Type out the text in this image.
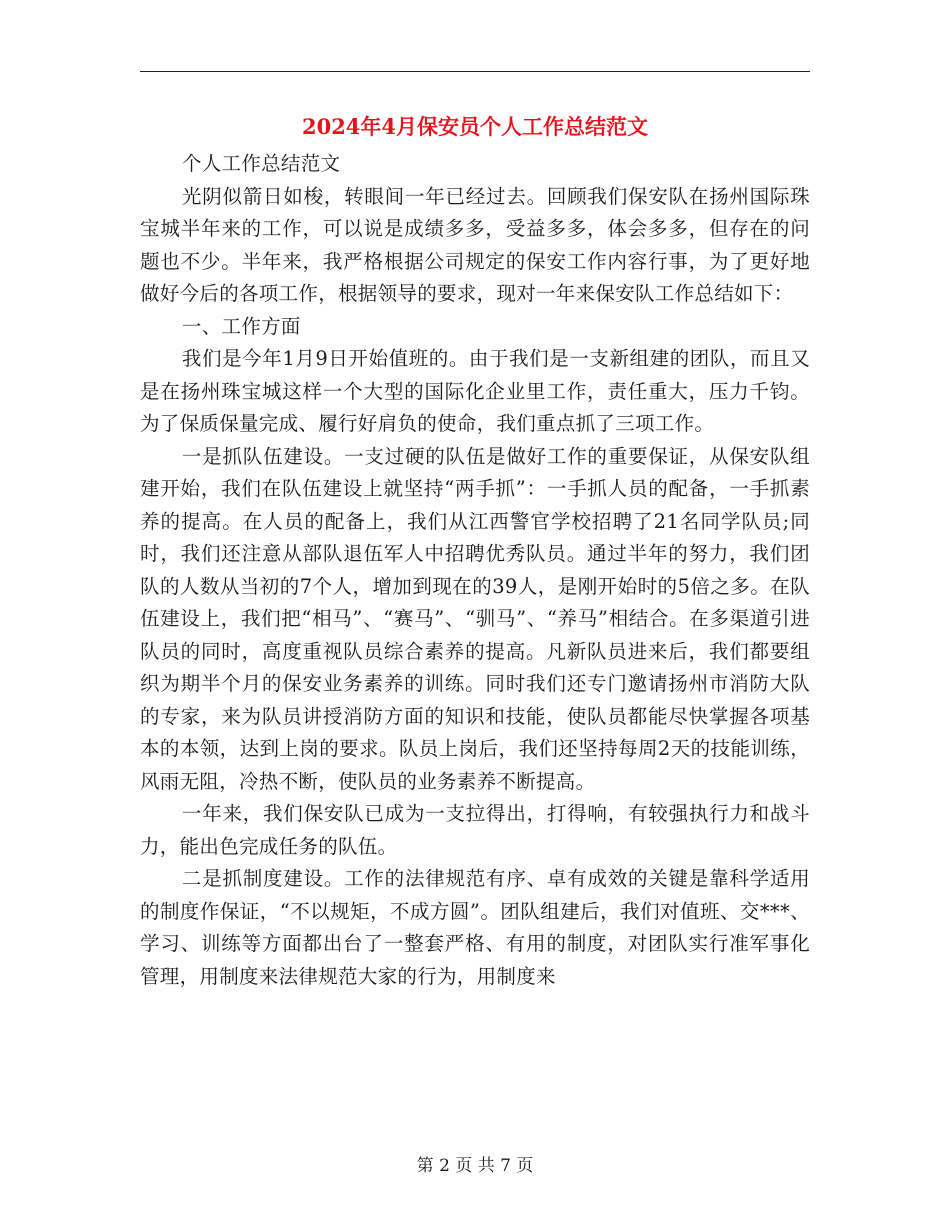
2024年4月保安员个人工作总结范文

个人工作总结范文

光阴似箭日如梭，转眼间一年已经过去。回顾我们保安队在扬州国际珠宝城半年来的工作，可以说是成绩多多，受益多多，体会多多，但存在的问题也不少。半年来，我严格根据公司规定的保安工作内容行事，为了更好地做好今后的各项工作，根据领导的要求，现对一年来保安队工作总结如下：

一、工作方面

我们是今年1月9日开始值班的。由于我们是一支新组建的团队，而且又是在扬州珠宝城这样一个大型的国际化企业里工作，责任重大，压力千钧。为了保质保量完成、履行好肩负的使命，我们重点抓了三项工作。

一是抓队伍建设。一支过硬的队伍是做好工作的重要保证，从保安队组建开始，我们在队伍建设上就坚持“两手抓”：一手抓人员的配备，一手抓素养的提高。在人员的配备上，我们从江西警官学校招聘了21名同学队员;同时，我们还注意从部队退伍军人中招聘优秀队员。通过半年的努力，我们团队的人数从当初的7个人，增加到现在的39人，是刚开始时的5倍之多。在队伍建设上，我们把“相马”、“赛马”、“驯马”、“养马”相结合。在多渠道引进队员的同时，高度重视队员综合素养的提高。凡新队员进来后，我们都要组织为期半个月的保安业务素养的训练。同时我们还专门邀请扬州市消防大队的专家，来为队员讲授消防方面的知识和技能，使队员都能尽快掌握各项基本的本领，达到上岗的要求。队员上岗后，我们还坚持每周2天的技能训练，风雨无阻，冷热不断，使队员的业务素养不断提高。

一年来，我们保安队已成为一支拉得出，打得响，有较强执行力和战斗力，能出色完成任务的队伍。

二是抓制度建设。工作的法律规范有序、卓有成效的关键是靠科学适用的制度作保证，“不以规矩，不成方圆”。团队组建后，我们对值班、交***、学习、训练等方面都出台了一整套严格、有用的制度，对团队实行准军事化管理，用制度来法律规范大家的行为，用制度来

第 2 页 共 7 页
